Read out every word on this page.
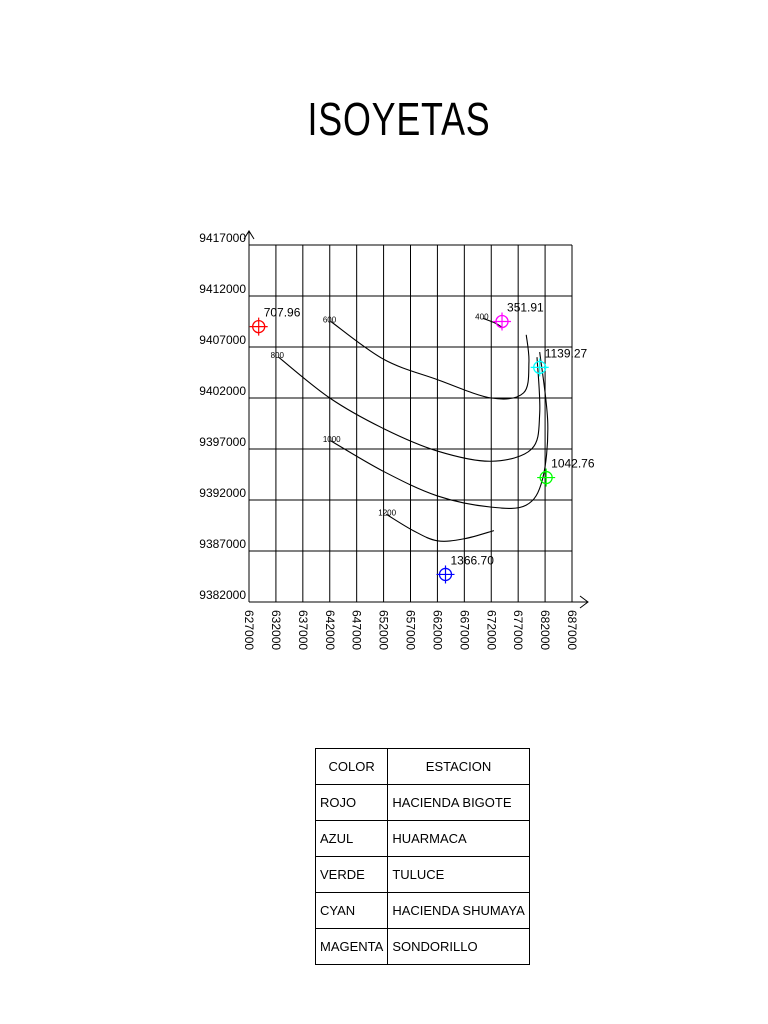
ISOYETAS
627000 632000 637000 642000 647000 652000 657000 662000 667000 672000 677000 682000 687000
9382000
9387000
9392000
9397000
9402000
9407000
9412000
9417000
400
600
800
1000
1200
707.96	351.91
1139.27
1042.76
1366.70
COLOR	ESTACION
ROJO	HACIENDA BIGOTE
AZUL	HUARMACA
VERDE	TULUCE
CYAN	HACIENDA SHUMAYA
MAGENTA	SONDORILLO
